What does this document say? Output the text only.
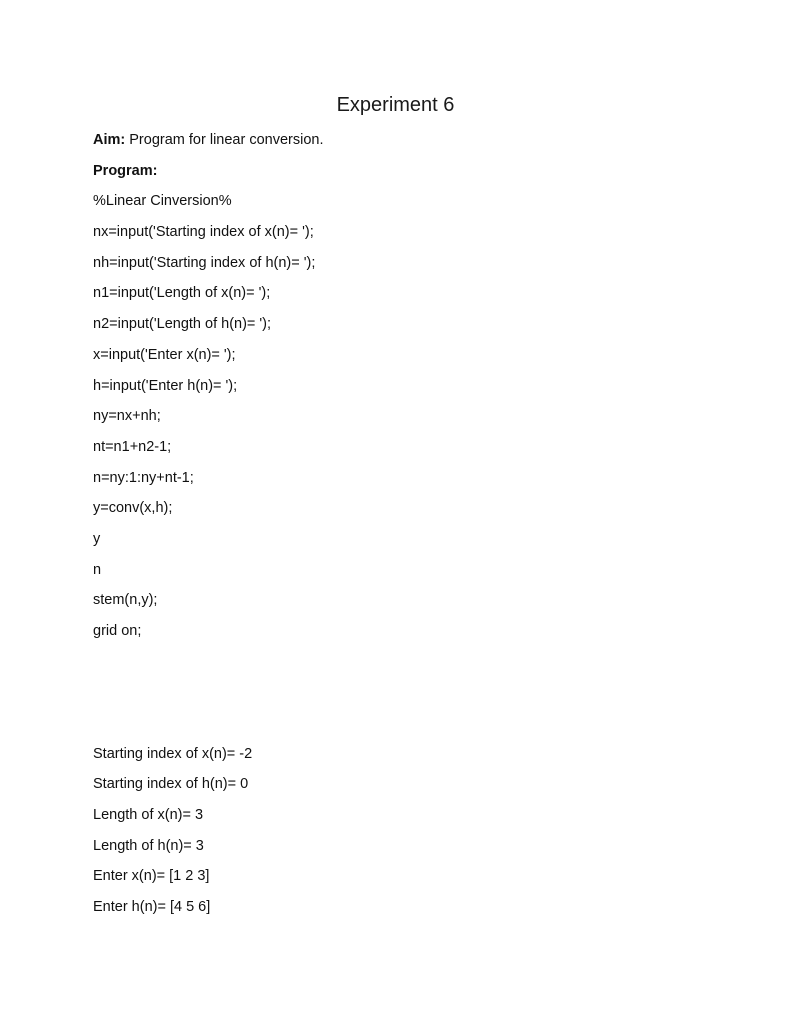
Experiment 6
Aim: Program for linear conversion.
Program:
%Linear Cinversion%
nx=input('Starting index of x(n)= ');
nh=input('Starting index of h(n)= ');
n1=input('Length of x(n)= ');
n2=input('Length of h(n)= ');
x=input('Enter x(n)= ');
h=input('Enter h(n)= ');
ny=nx+nh;
nt=n1+n2-1;
n=ny:1:ny+nt-1;
y=conv(x,h);
y
n
stem(n,y);
grid on;
Starting index of x(n)= -2
Starting index of h(n)= 0
Length of x(n)= 3
Length of h(n)= 3
Enter x(n)= [1 2 3]
Enter h(n)= [4 5 6]
